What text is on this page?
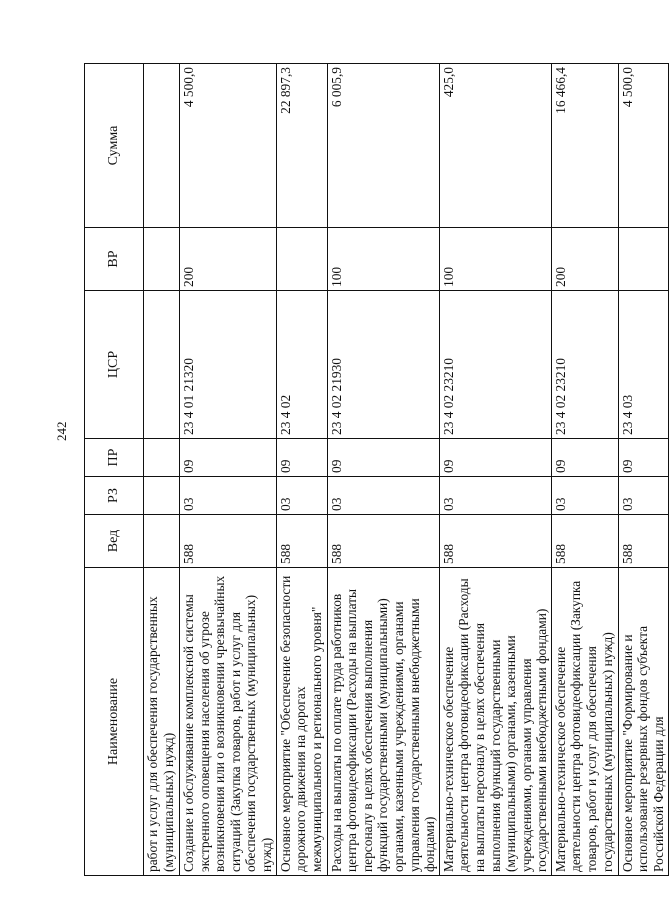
242
Наименование	Вед	РЗ	ПР	ЦСР	ВР	Сумма
работ и услуг для обеспечения государственных (муниципальных) нужд)						
Создание и обслуживание комплексной системы экстренного оповещения населения об угрозе возникновения или о возникновении чрезвычайных ситуаций (Закупка товаров, работ и услуг для обеспечения государственных (муниципальных) нужд)	588	03	09	23 4 01 21320	200	4 500,0
Основное мероприятие "Обеспечение безопасности дорожного движения на дорогах межмуниципального и регионального уровня"	588	03	09	23 4 02		22 897,3
Расходы на выплаты по оплате труда работников центра фотовидеофиксации (Расходы на выплаты персоналу в целях обеспечения выполнения функций государственными (муниципальными) органами, казенными учреждениями, органами управления государственными внебюджетными фондами)	588	03	09	23 4 02 21930	100	6 005,9
Материально-техническое обеспечение деятельности центра фотовидеофиксации (Расходы на выплаты персоналу в целях обеспечения выполнения функций государственными (муниципальными) органами, казенными учреждениями, органами управления государственными внебюджетными фондами)	588	03	09	23 4 02 23210	100	425,0
Материально-техническое обеспечение деятельности центра фотовидеофиксации (Закупка товаров, работ и услуг для обеспечения государственных (муниципальных) нужд)	588	03	09	23 4 02 23210	200	16 466,4
Основное мероприятие "Формирование и использование резервных фондов субъекта Российской Федерации для	588	03	09	23 4 03		4 500,0
